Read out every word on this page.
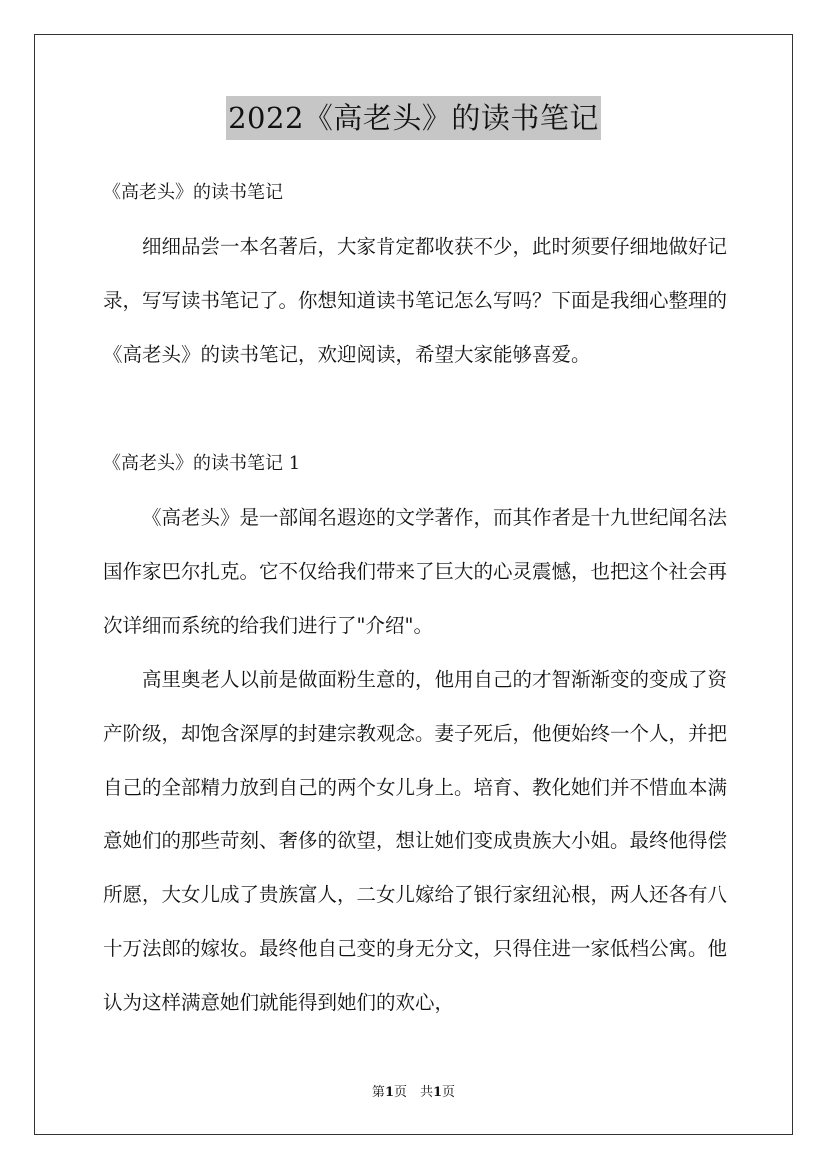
2022《高老头》的读书笔记
《高老头》的读书笔记

细细品尝一本名著后，大家肯定都收获不少，此时须要仔细地做好记录，写写读书笔记了。你想知道读书笔记怎么写吗？下面是我细心整理的《高老头》的读书笔记，欢迎阅读，希望大家能够喜爱。

《高老头》的读书笔记 1

《高老头》是一部闻名遐迩的文学著作，而其作者是十九世纪闻名法国作家巴尔扎克。它不仅给我们带来了巨大的心灵震憾，也把这个社会再次详细而系统的给我们进行了"介绍"。

高里奥老人以前是做面粉生意的，他用自己的才智渐渐变的变成了资产阶级，却饱含深厚的封建宗教观念。妻子死后，他便始终一个人，并把自己的全部精力放到自己的两个女儿身上。培育、教化她们并不惜血本满意她们的那些苛刻、奢侈的欲望，想让她们变成贵族大小姐。最终他得偿所愿，大女儿成了贵族富人，二女儿嫁给了银行家纽沁根，两人还各有八十万法郎的嫁妆。最终他自己变的身无分文，只得住进一家低档公寓。他认为这样满意她们就能得到她们的欢心，

第1页　共1页
